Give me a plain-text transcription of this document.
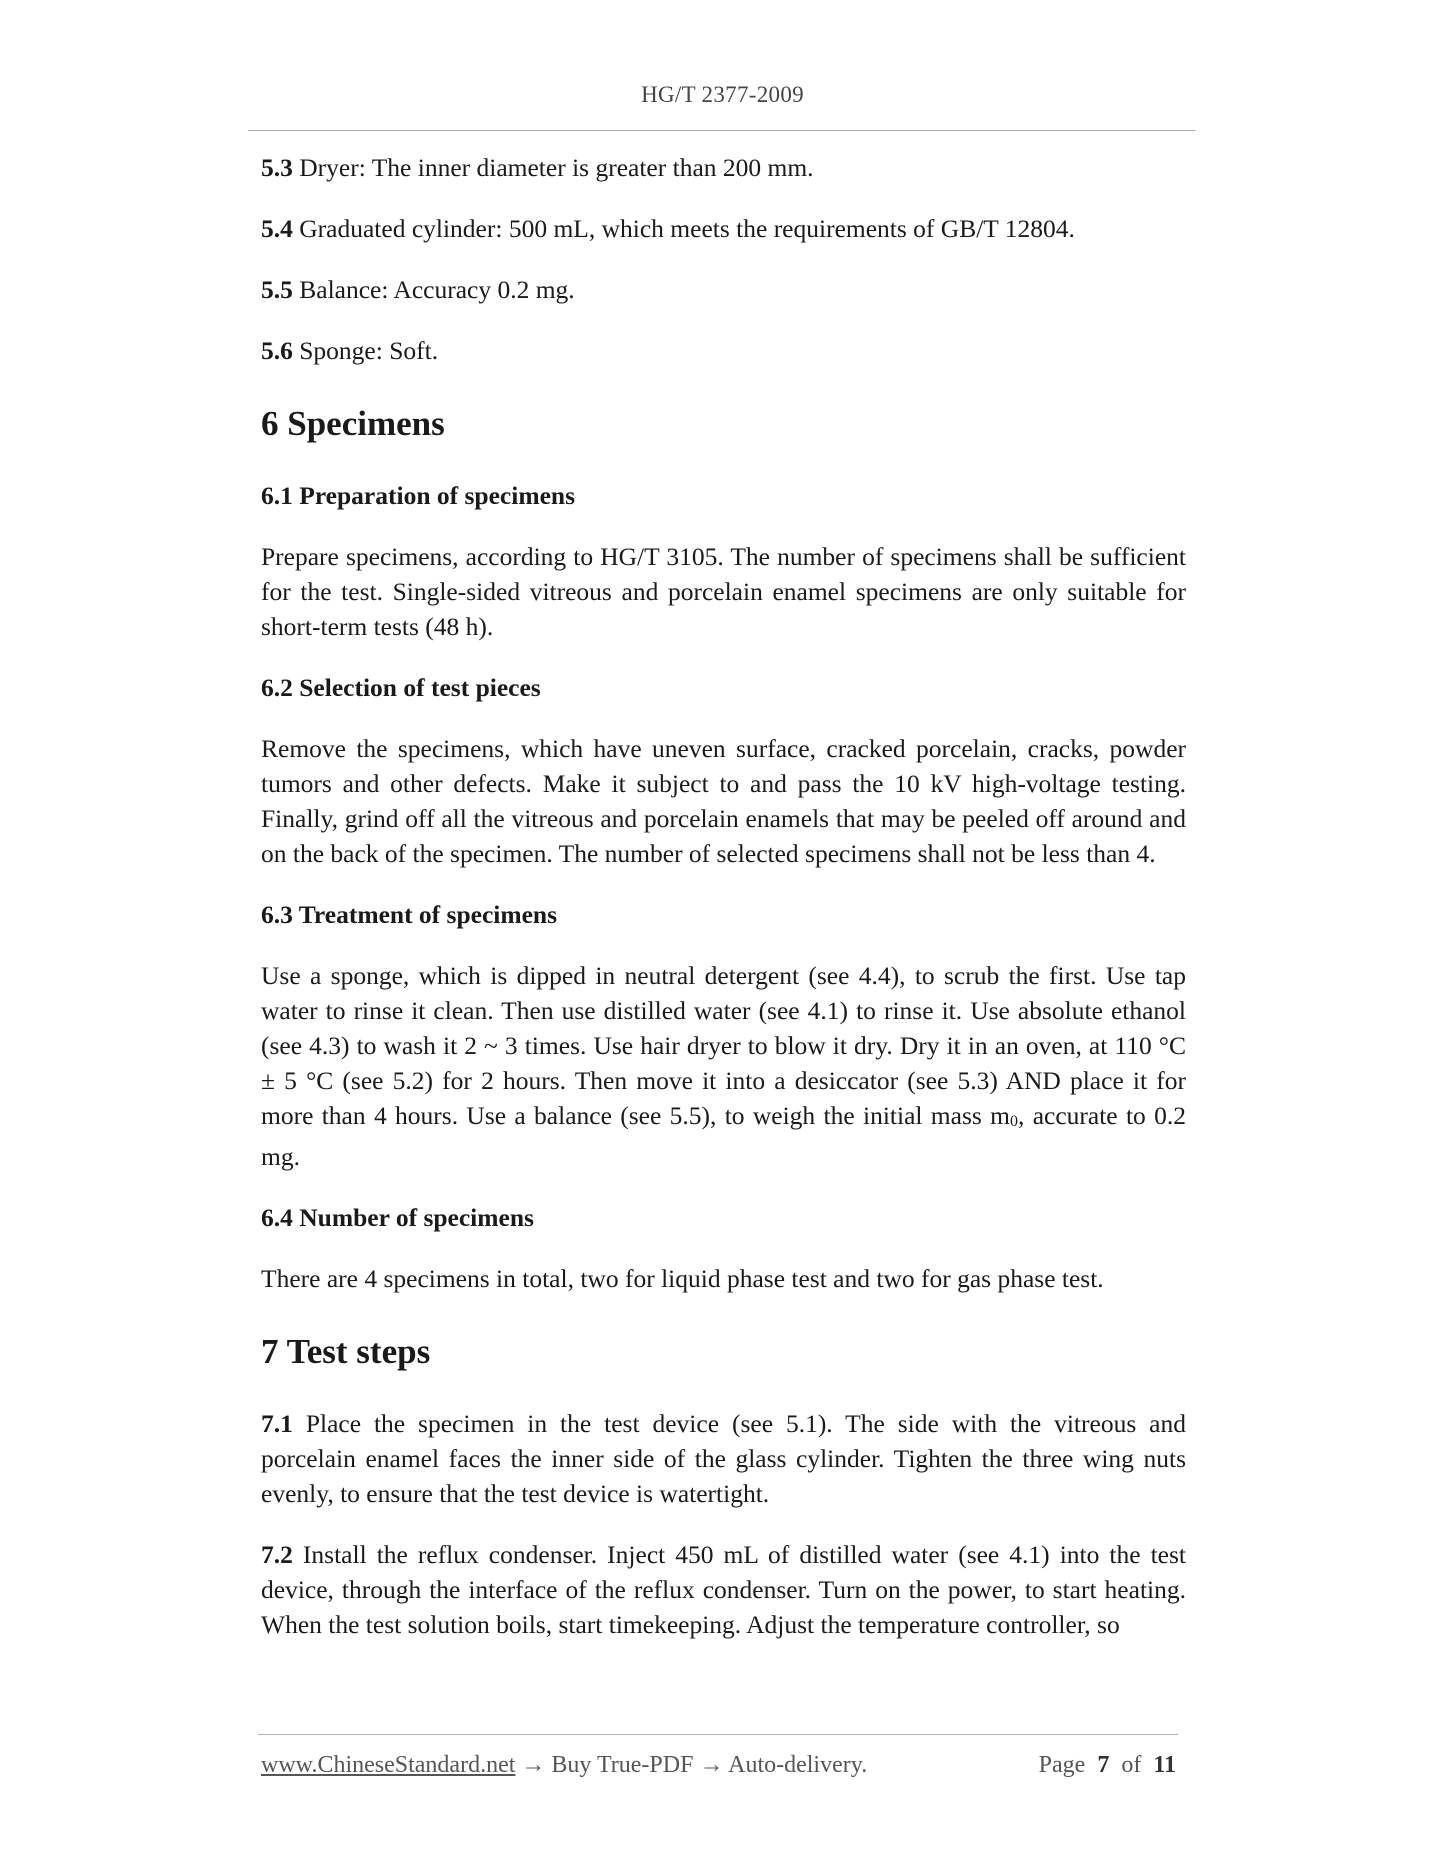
HG/T 2377-2009

5.3 Dryer: The inner diameter is greater than 200 mm.

5.4 Graduated cylinder: 500 mL, which meets the requirements of GB/T 12804.

5.5 Balance: Accuracy 0.2 mg.

5.6 Sponge: Soft.

6 Specimens
6.1 Preparation of specimens

Prepare specimens, according to HG/T 3105. The number of specimens shall be sufficient for the test. Single-sided vitreous and porcelain enamel specimens are only suitable for short-term tests (48 h).

6.2 Selection of test pieces

Remove the specimens, which have uneven surface, cracked porcelain, cracks, powder tumors and other defects. Make it subject to and pass the 10 kV high-voltage testing. Finally, grind off all the vitreous and porcelain enamels that may be peeled off around and on the back of the specimen. The number of selected specimens shall not be less than 4.

6.3 Treatment of specimens

Use a sponge, which is dipped in neutral detergent (see 4.4), to scrub the first. Use tap water to rinse it clean. Then use distilled water (see 4.1) to rinse it. Use absolute ethanol (see 4.3) to wash it 2 ~ 3 times. Use hair dryer to blow it dry. Dry it in an oven, at 110 °C ± 5 °C (see 5.2) for 2 hours. Then move it into a desiccator (see 5.3) AND place it for more than 4 hours. Use a balance (see 5.5), to weigh the initial mass m0, accurate to 0.2 mg.

6.4 Number of specimens

There are 4 specimens in total, two for liquid phase test and two for gas phase test.

7 Test steps

7.1 Place the specimen in the test device (see 5.1). The side with the vitreous and porcelain enamel faces the inner side of the glass cylinder. Tighten the three wing nuts evenly, to ensure that the test device is watertight.

7.2 Install the reflux condenser. Inject 450 mL of distilled water (see 4.1) into the test device, through the interface of the reflux condenser. Turn on the power, to start heating. When the test solution boils, start timekeeping. Adjust the temperature controller, so

www.ChineseStandard.net → Buy True-PDF → Auto-delivery.	Page 7 of 11
